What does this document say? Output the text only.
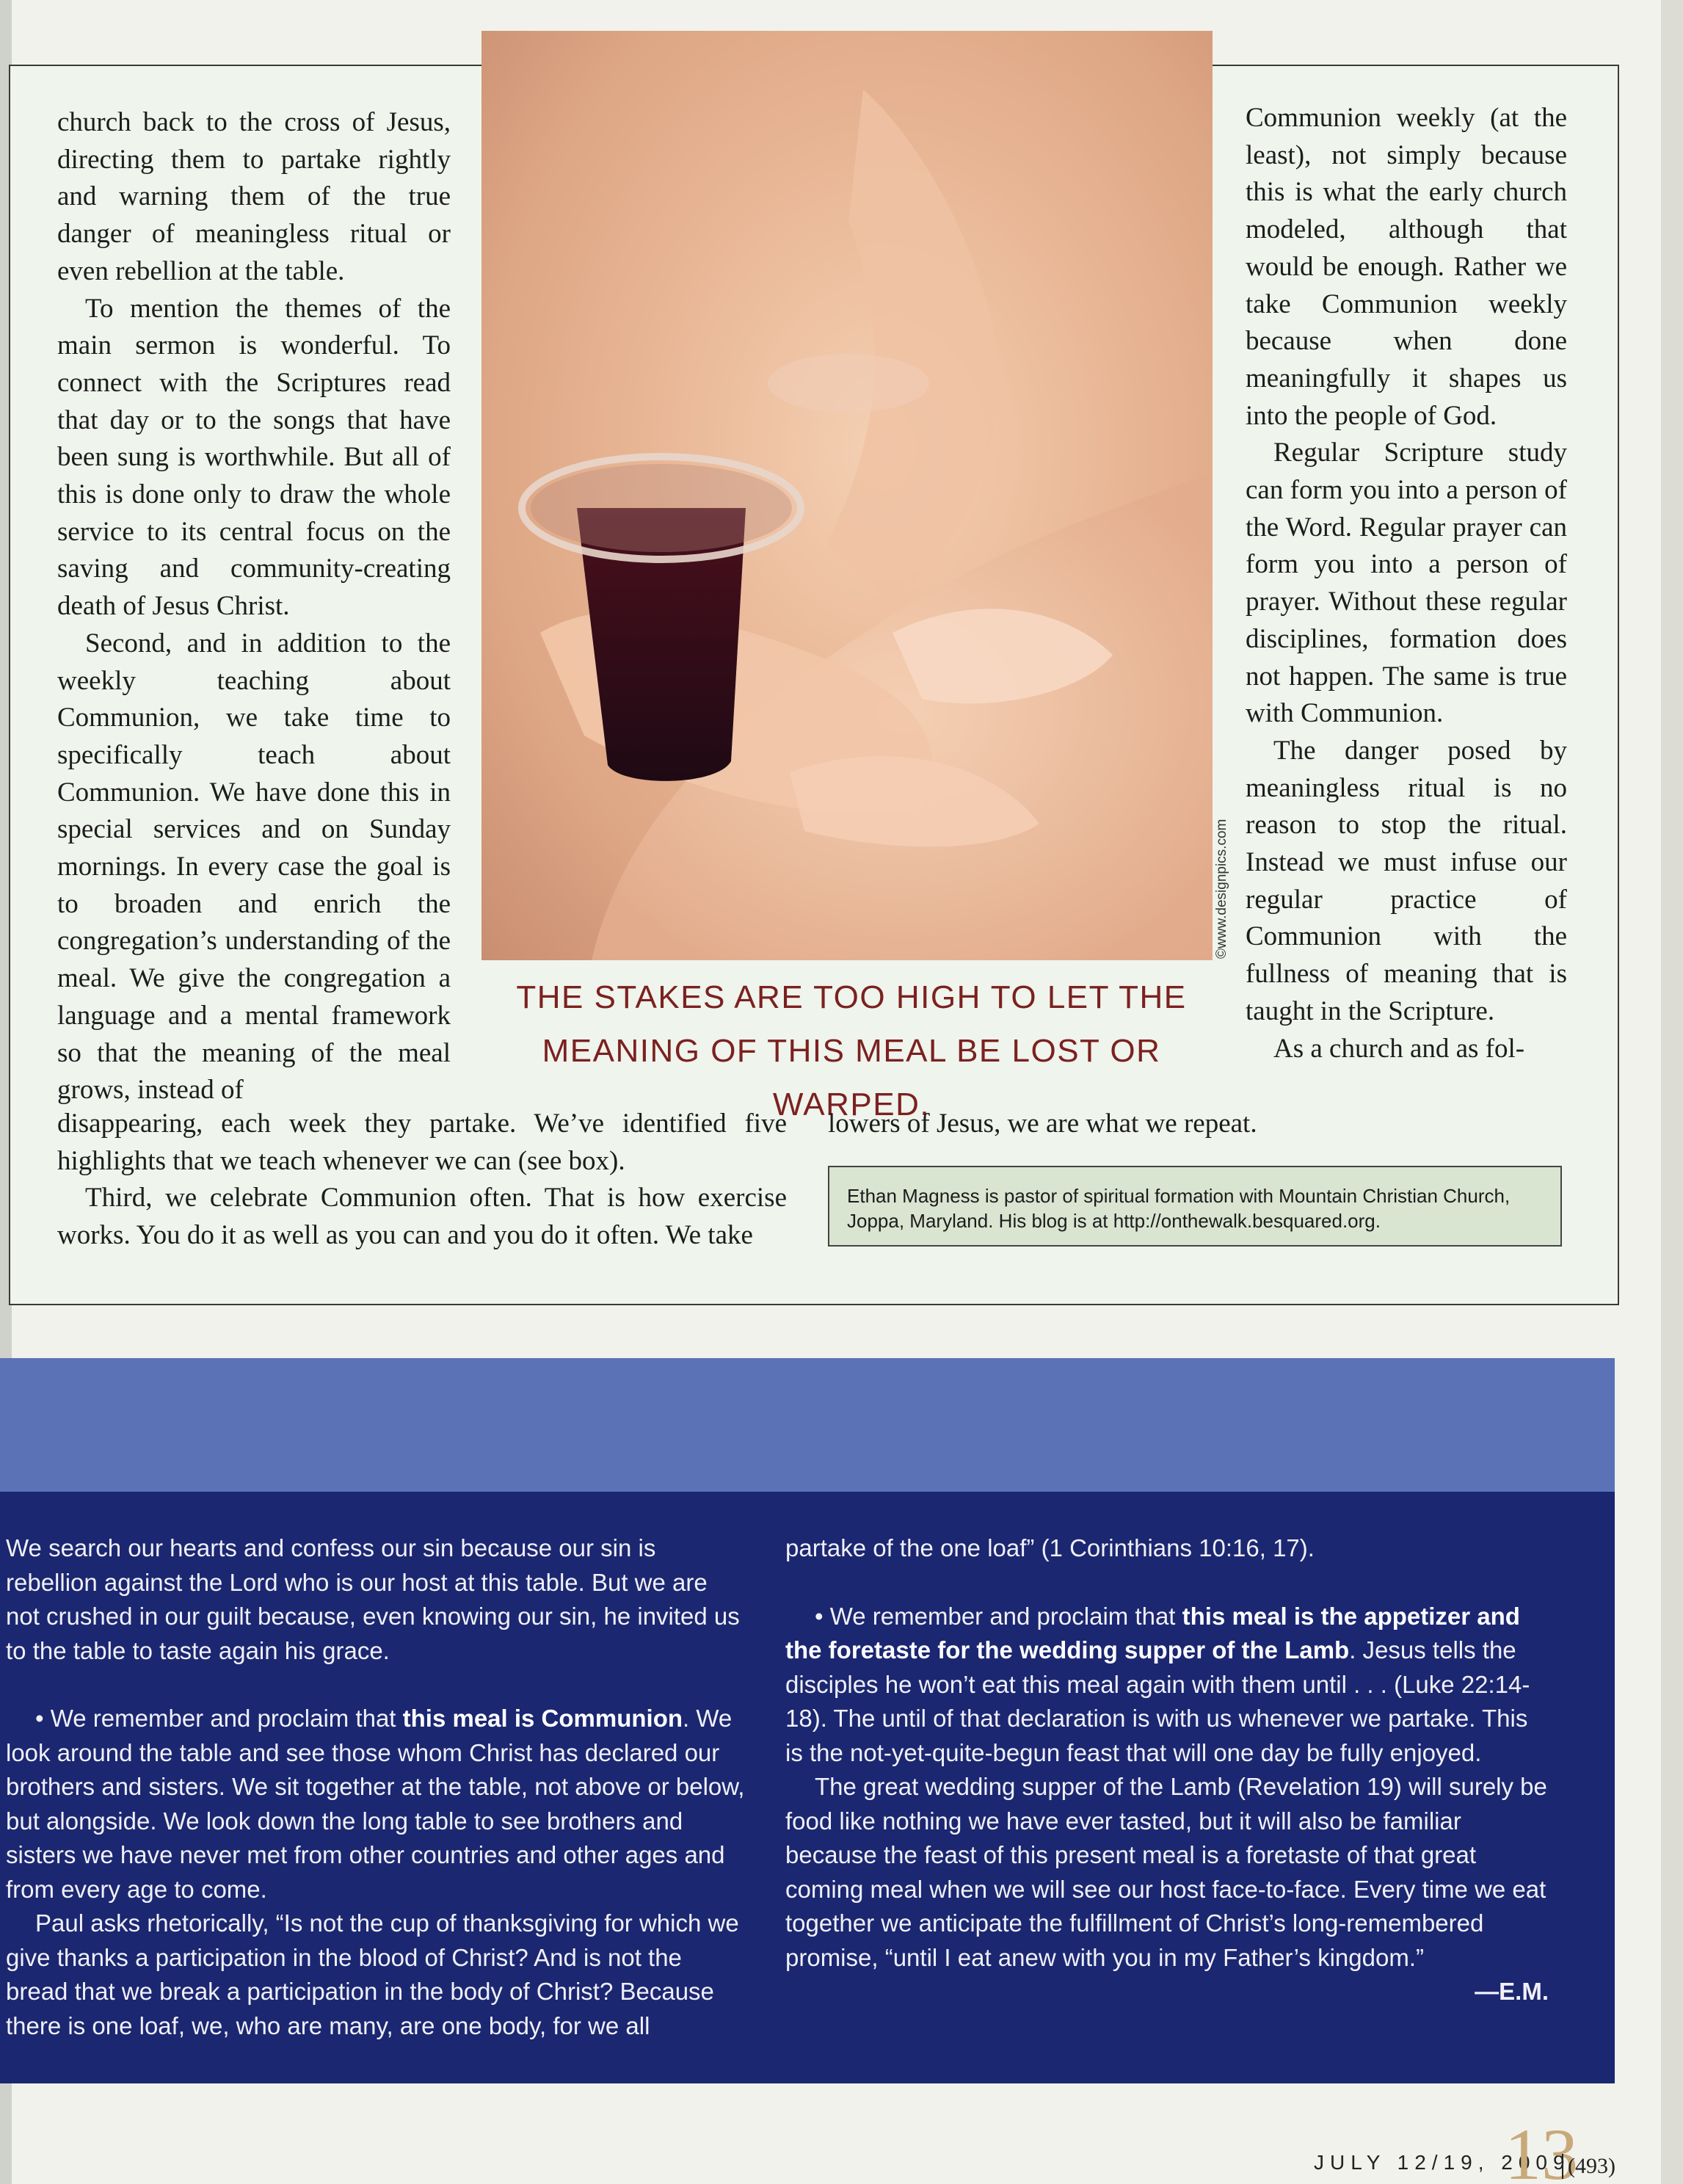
church back to the cross of Jesus, directing them to partake rightly and warning them of the true danger of meaningless ritual or even rebellion at the table.

To mention the themes of the main sermon is wonderful. To connect with the Scriptures read that day or to the songs that have been sung is worthwhile. But all of this is done only to draw the whole service to its central focus on the saving and community-creating death of Jesus Christ.

Second, and in addition to the weekly teaching about Communion, we take time to specifically teach about Communion. We have done this in special services and on Sunday mornings. In every case the goal is to broaden and enrich the congregation’s understanding of the meal. We give the congregation a language and a mental framework so that the meaning of the meal grows, instead of

©www.designpics.com
THE STAKES ARE TOO HIGH TO LET THE MEANING OF THIS MEAL BE LOST OR WARPED.

Communion weekly (at the least), not simply because this is what the early church modeled, although that would be enough. Rather we take Communion weekly because when done meaningfully it shapes us into the people of God.

Regular Scripture study can form you into a person of the Word. Regular prayer can form you into a person of prayer. Without these regular disciplines, formation does not happen. The same is true with Communion.

The danger posed by meaningless ritual is no reason to stop the ritual. Instead we must infuse our regular practice of Communion with the fullness of meaning that is taught in the Scripture.

As a church and as fol-

disappearing, each week they partake. We’ve identified five highlights that we teach whenever we can (see box).

Third, we celebrate Communion often. That is how exercise works. You do it as well as you can and you do it often. We take

lowers of Jesus, we are what we repeat.

Ethan Magness is pastor of spiritual formation with Mountain Christian Church, Joppa, Maryland. His blog is at http://onthewalk.besquared.org.

We search our hearts and confess our sin because our sin is rebellion against the Lord who is our host at this table. But we are not crushed in our guilt because, even knowing our sin, he invited us to the table to taste again his grace.

• We remember and proclaim that this meal is Communion. We look around the table and see those whom Christ has declared our brothers and sisters. We sit together at the table, not above or below, but alongside. We look down the long table to see brothers and sisters we have never met from other countries and other ages and from every age to come.

Paul asks rhetorically, “Is not the cup of thanksgiving for which we give thanks a participation in the blood of Christ? And is not the bread that we break a participation in the body of Christ? Because there is one loaf, we, who are many, are one body, for we all

partake of the one loaf” (1 Corinthians 10:16, 17).

• We remember and proclaim that this meal is the appetizer and the foretaste for the wedding supper of the Lamb. Jesus tells the disciples he won’t eat this meal again with them until . . . (Luke 22:14-18). The until of that declaration is with us whenever we partake. This is the not-yet-quite-begun feast that will one day be fully enjoyed.

The great wedding supper of the Lamb (Revelation 19) will surely be food like nothing we have ever tasted, but it will also be familiar because the feast of this present meal is a foretaste of that great coming meal when we will see our host face-to-face. Every time we eat together we anticipate the fulfillment of Christ’s long-remembered promise, “until I eat anew with you in my Father’s kingdom.”

—E.M.
JULY 12/19, 2009
13
(493)
